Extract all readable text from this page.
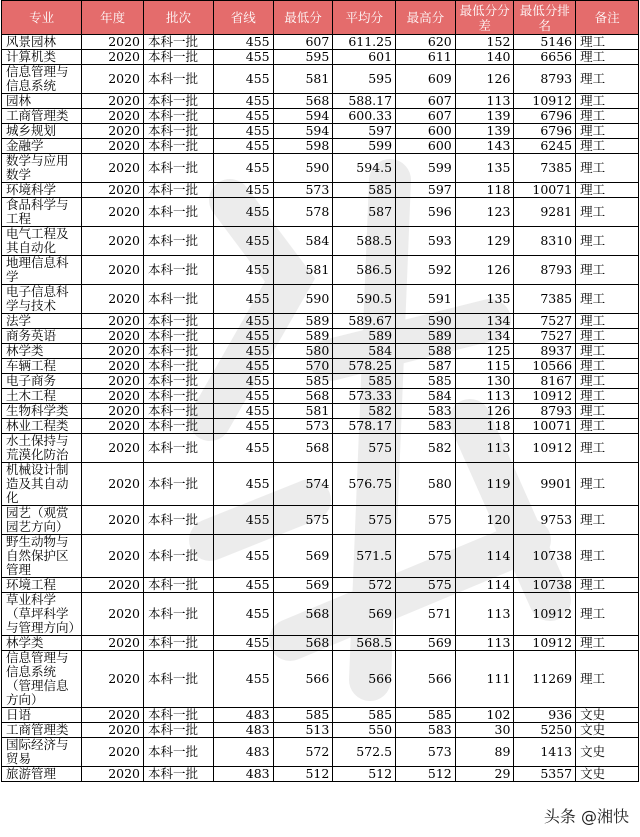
专业	年度	批次	省线	最低分	平均分	最高分	最低分分差	最低分排名	备注
风景园林	2020	本科一批	455	607	611.25	620	152	5146	理工
计算机类	2020	本科一批	455	595	601	611	140	6656	理工
信息管理与信息系统	2020	本科一批	455	581	595	609	126	8793	理工
园林	2020	本科一批	455	568	588.17	607	113	10912	理工
工商管理类	2020	本科一批	455	594	600.33	607	139	6796	理工
城乡规划	2020	本科一批	455	594	597	600	139	6796	理工
金融学	2020	本科一批	455	598	599	600	143	6245	理工
数学与应用数学	2020	本科一批	455	590	594.5	599	135	7385	理工
环境科学	2020	本科一批	455	573	585	597	118	10071	理工
食品科学与工程	2020	本科一批	455	578	587	596	123	9281	理工
电气工程及其自动化	2020	本科一批	455	584	588.5	593	129	8310	理工
地理信息科学	2020	本科一批	455	581	586.5	592	126	8793	理工
电子信息科学与技术	2020	本科一批	455	590	590.5	591	135	7385	理工
法学	2020	本科一批	455	589	589.67	590	134	7527	理工
商务英语	2020	本科一批	455	589	589	589	134	7527	理工
林学类	2020	本科一批	455	580	584	588	125	8937	理工
车辆工程	2020	本科一批	455	570	578.25	587	115	10566	理工
电子商务	2020	本科一批	455	585	585	585	130	8167	理工
土木工程	2020	本科一批	455	568	573.33	584	113	10912	理工
生物科学类	2020	本科一批	455	581	582	583	126	8793	理工
林业工程类	2020	本科一批	455	573	578.17	583	118	10071	理工
水土保持与荒漠化防治	2020	本科一批	455	568	575	582	113	10912	理工
机械设计制造及其自动化	2020	本科一批	455	574	576.75	580	119	9901	理工
园艺（观赏园艺方向）	2020	本科一批	455	575	575	575	120	9753	理工
野生动物与自然保护区管理	2020	本科一批	455	569	571.5	575	114	10738	理工
环境工程	2020	本科一批	455	569	572	575	114	10738	理工
草业科学（草坪科学与管理方向）	2020	本科一批	455	568	569	571	113	10912	理工
林学类	2020	本科一批	455	568	568.5	569	113	10912	理工
信息管理与信息系统（管理信息方向）	2020	本科一批	455	566	566	566	111	11269	理工
日语	2020	本科一批	483	585	585	585	102	936	文史
工商管理类	2020	本科一批	483	513	550	583	30	5250	文史
国际经济与贸易	2020	本科一批	483	572	572.5	573	89	1413	文史
旅游管理	2020	本科一批	483	512	512	512	29	5357	文史
头条 @湘快
